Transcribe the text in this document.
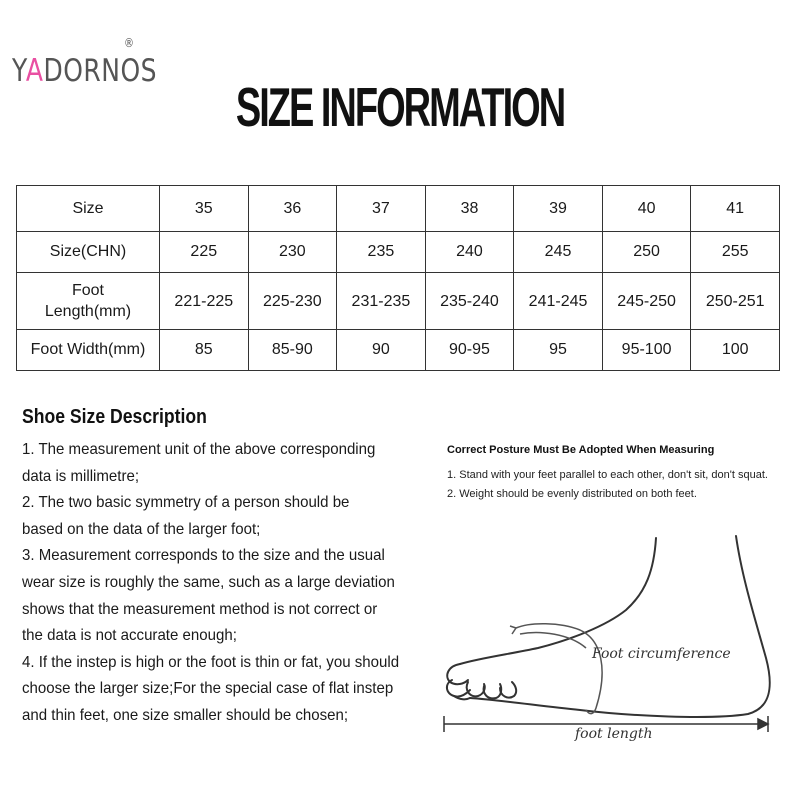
YADORNOS
®
SIZE INFORMATION
Size	35	36	37	38	39	40	41
Size(CHN)	225	230	235	240	245	250	255
Foot
Length(mm)	221-225	225-230	231-235	235-240	241-245	245-250	250-251
Foot Width(mm)	85	85-90	90	90-95	95	95-100	100
Shoe Size Description

1. The measurement unit of the above corresponding

data is millimetre;

2. The two basic symmetry of a person should be

based on the data of the larger foot;

3. Measurement corresponds to the size and the usual

wear size is roughly the same, such as a large deviation

shows that the measurement method is not correct or

the data is not accurate enough;

4. If the instep is high or the foot is thin or fat, you should

choose the larger size;For the special case of flat instep

and thin feet, one size smaller should be chosen;

Correct Posture Must Be Adopted When Measuring

1. Stand with your feet parallel to each other, don't sit, don't squat.

2. Weight should be evenly distributed on both feet.

Foot circumference
foot length
